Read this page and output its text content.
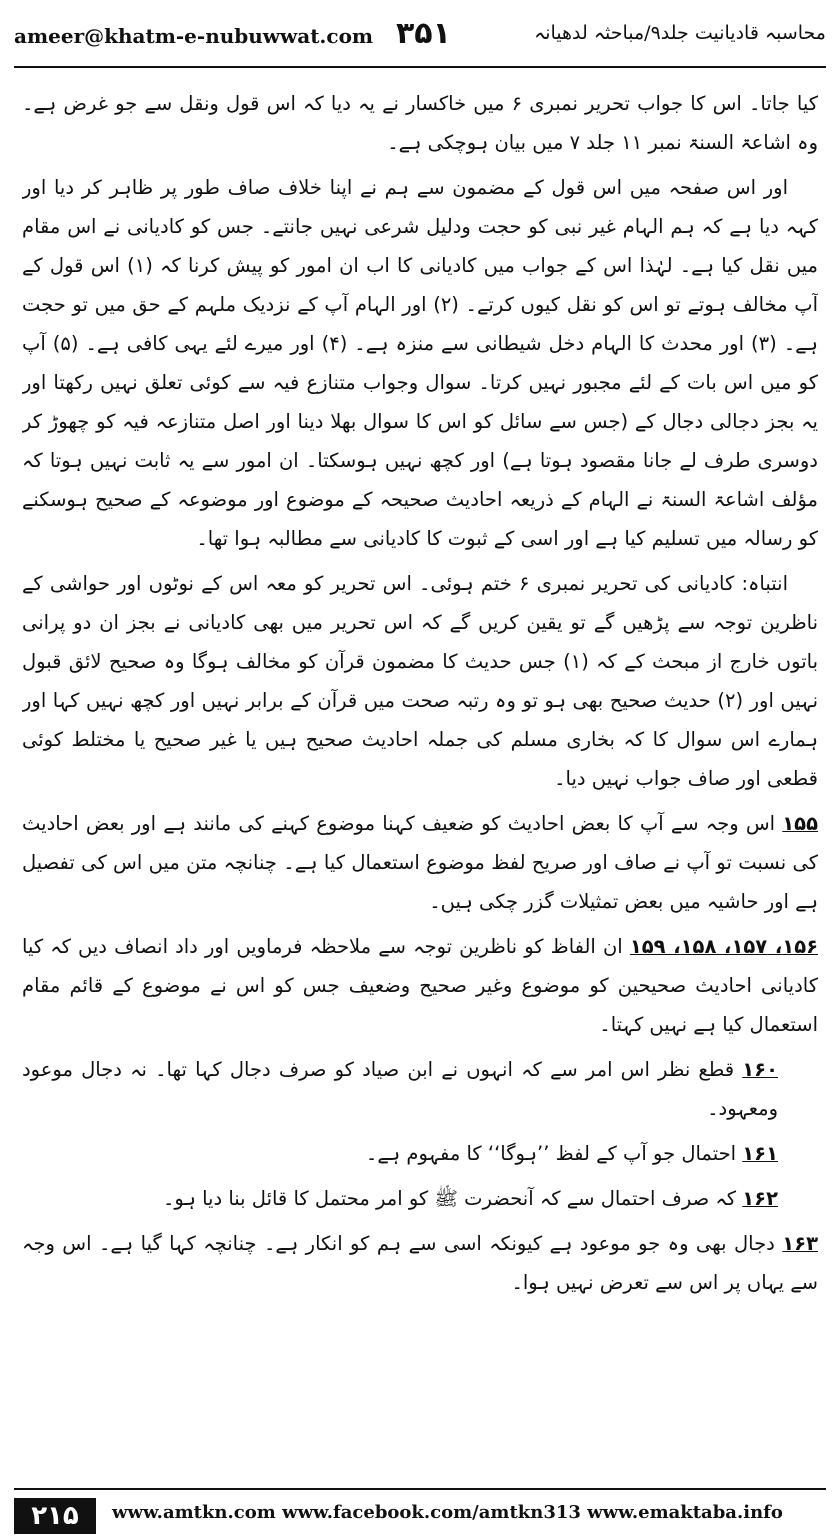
ameer@khatm-e-nubuwwat.com ۳۵۱	محاسبہ قادیانیت جلد۹/مباحثہ لدھیانہ

کیا جاتا۔ اس کا جواب تحریر نمبری ۶ میں خاکسار نے یہ دیا کہ اس قول ونقل سے جو غرض ہے۔ وہ اشاعۃ السنۃ نمبر ۱۱ جلد ۷ میں بیان ہوچکی ہے۔

اور اس صفحہ میں اس قول کے مضمون سے ہم نے اپنا خلاف صاف طور پر ظاہر کر دیا اور کہہ دیا ہے کہ ہم الہام غیر نبی کو حجت ودلیل شرعی نہیں جانتے۔ جس کو کادیانی نے اس مقام میں نقل کیا ہے۔ لہٰذا اس کے جواب میں کادیانی کا اب ان امور کو پیش کرنا کہ (۱) اس قول کے آپ مخالف ہوتے تو اس کو نقل کیوں کرتے۔ (۲) اور الہام آپ کے نزدیک ملہم کے حق میں تو حجت ہے۔ (۳) اور محدث کا الہام دخل شیطانی سے منزہ ہے۔ (۴) اور میرے لئے یہی کافی ہے۔ (۵) آپ کو میں اس بات کے لئے مجبور نہیں کرتا۔ سوال وجواب متنازع فیہ سے کوئی تعلق نہیں رکھتا اور یہ بجز دجالی دجال کے (جس سے سائل کو اس کا سوال بھلا دینا اور اصل متنازعہ فیہ کو چھوڑ کر دوسری طرف لے جانا مقصود ہوتا ہے) اور کچھ نہیں ہوسکتا۔ ان امور سے یہ ثابت نہیں ہوتا کہ مؤلف اشاعۃ السنۃ نے الہام کے ذریعہ احادیث صحیحہ کے موضوع اور موضوعہ کے صحیح ہوسکنے کو رسالہ میں تسلیم کیا ہے اور اسی کے ثبوت کا کادیانی سے مطالبہ ہوا تھا۔

انتباہ: کادیانی کی تحریر نمبری ۶ ختم ہوئی۔ اس تحریر کو معہ اس کے نوٹوں اور حواشی کے ناظرین توجہ سے پڑھیں گے تو یقین کریں گے کہ اس تحریر میں بھی کادیانی نے بجز ان دو پرانی باتوں خارج از مبحث کے کہ (۱) جس حدیث کا مضمون قرآن کو مخالف ہوگا وہ صحیح لائق قبول نہیں اور (۲) حدیث صحیح بھی ہو تو وہ رتبہ صحت میں قرآن کے برابر نہیں اور کچھ نہیں کہا اور ہمارے اس سوال کا کہ بخاری مسلم کی جملہ احادیث صحیح ہیں یا غیر صحیح یا مختلط کوئی قطعی اور صاف جواب نہیں دیا۔

۱۵۵ اس وجہ سے آپ کا بعض احادیث کو ضعیف کہنا موضوع کہنے کی مانند ہے اور بعض احادیث کی نسبت تو آپ نے صاف اور صریح لفظ موضوع استعمال کیا ہے۔ چنانچہ متن میں اس کی تفصیل ہے اور حاشیہ میں بعض تمثیلات گزر چکی ہیں۔

۱۵۶، ۱۵۷، ۱۵۸، ۱۵۹ ان الفاظ کو ناظرین توجہ سے ملاحظہ فرماویں اور داد انصاف دیں کہ کیا کادیانی احادیث صحیحین کو موضوع وغیر صحیح وضعیف جس کو اس نے موضوع کے قائم مقام استعمال کیا ہے نہیں کہتا۔

۱۶۰ قطع نظر اس امر سے کہ انہوں نے ابن صیاد کو صرف دجال کہا تھا۔ نہ دجال موعود ومعہود۔

۱۶۱ احتمال جو آپ کے لفظ ’’ہوگا‘‘ کا مفہوم ہے۔

۱۶۲ کہ صرف احتمال سے کہ آنحضرت ﷺ کو امر محتمل کا قائل بنا دیا ہو۔

۱۶۳ دجال بھی وہ جو موعود ہے کیونکہ اسی سے ہم کو انکار ہے۔ چنانچہ کہا گیا ہے۔ اس وجہ سے یہاں پر اس سے تعرض نہیں ہوا۔

۲۱۵	www.amtkn.com www.facebook.com/amtkn313 www.emaktaba.info
